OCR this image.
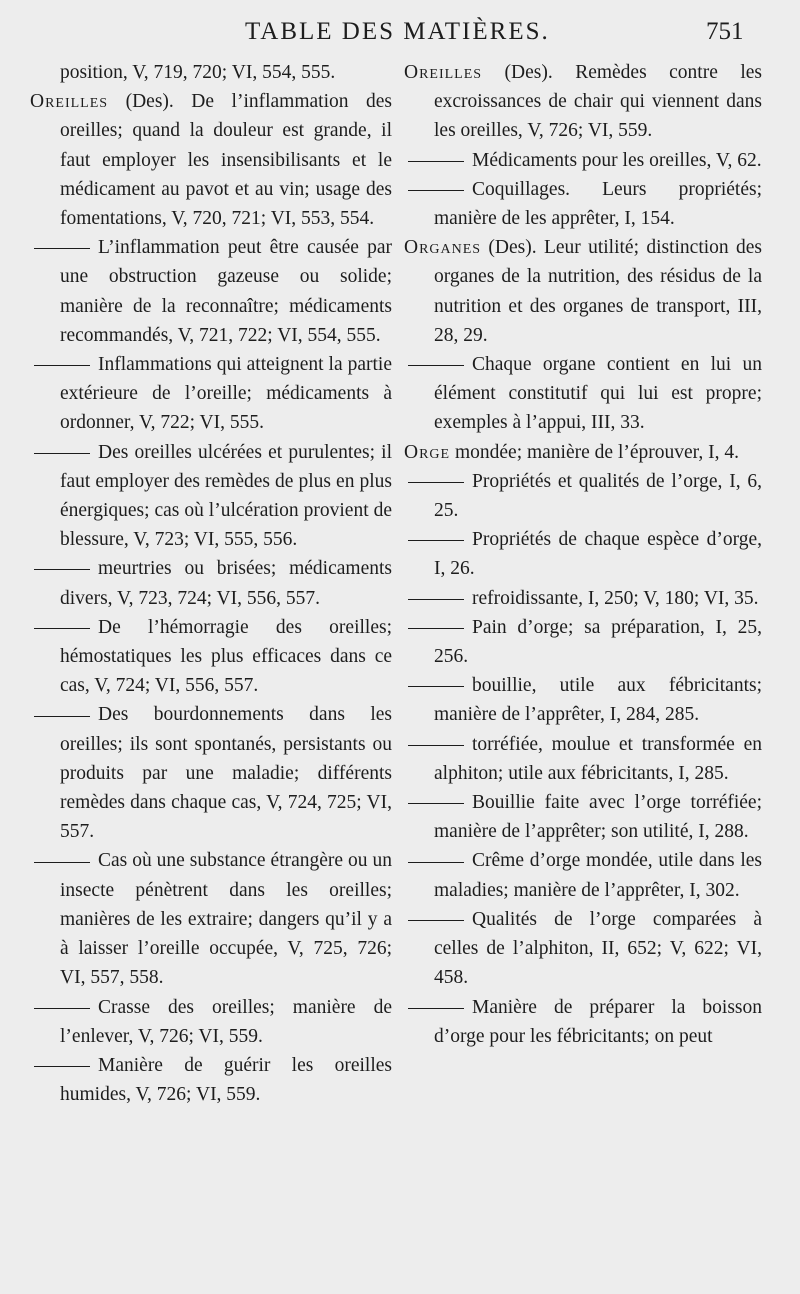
TABLE DES MATIÈRES.	751

position, V, 719, 720; VI, 554, 555.

Oreilles (Des). De l’inflammation des oreilles; quand la douleur est grande, il faut employer les insensibilisants et le médicament au pavot et au vin; usage des fomentations, V, 720, 721; VI, 553, 554.

L’inflammation peut être causée par une obstruction gazeuse ou solide; manière de la reconnaître; médicaments recommandés, V, 721, 722; VI, 554, 555.

Inflammations qui atteignent la partie extérieure de l’oreille; médicaments à ordonner, V, 722; VI, 555.

Des oreilles ulcérées et purulentes; il faut employer des remèdes de plus en plus énergiques; cas où l’ulcération provient de blessure, V, 723; VI, 555, 556.

meurtries ou brisées; médicaments divers, V, 723, 724; VI, 556, 557.

De l’hémorragie des oreilles; hémostatiques les plus efficaces dans ce cas, V, 724; VI, 556, 557.

Des bourdonnements dans les oreilles; ils sont spontanés, persistants ou produits par une maladie; différents remèdes dans chaque cas, V, 724, 725; VI, 557.

Cas où une substance étrangère ou un insecte pénètrent dans les oreilles; manières de les extraire; dangers qu’il y a à laisser l’oreille occupée, V, 725, 726; VI, 557, 558.

Crasse des oreilles; manière de l’enlever, V, 726; VI, 559.

Manière de guérir les oreilles humides, V, 726; VI, 559.

Oreilles (Des). Remèdes contre les excroissances de chair qui viennent dans les oreilles, V, 726; VI, 559.

Médicaments pour les oreilles, V, 62.

Coquillages. Leurs propriétés; manière de les apprêter, I, 154.

Organes (Des). Leur utilité; distinction des organes de la nutrition, des résidus de la nutrition et des organes de transport, III, 28, 29.

Chaque organe contient en lui un élément constitutif qui lui est propre; exemples à l’appui, III, 33.

Orge mondée; manière de l’éprouver, I, 4.

Propriétés et qualités de l’orge, I, 6, 25.

Propriétés de chaque espèce d’orge, I, 26.

refroidissante, I, 250; V, 180; VI, 35.

Pain d’orge; sa préparation, I, 25, 256.

bouillie, utile aux fébricitants; manière de l’apprêter, I, 284, 285.

torréfiée, moulue et transformée en alphiton; utile aux fébricitants, I, 285.

Bouillie faite avec l’orge torréfiée; manière de l’apprêter; son utilité, I, 288.

Crême d’orge mondée, utile dans les maladies; manière de l’apprêter, I, 302.

Qualités de l’orge comparées à celles de l’alphiton, II, 652; V, 622; VI, 458.

Manière de préparer la boisson d’orge pour les fébricitants; on peut
